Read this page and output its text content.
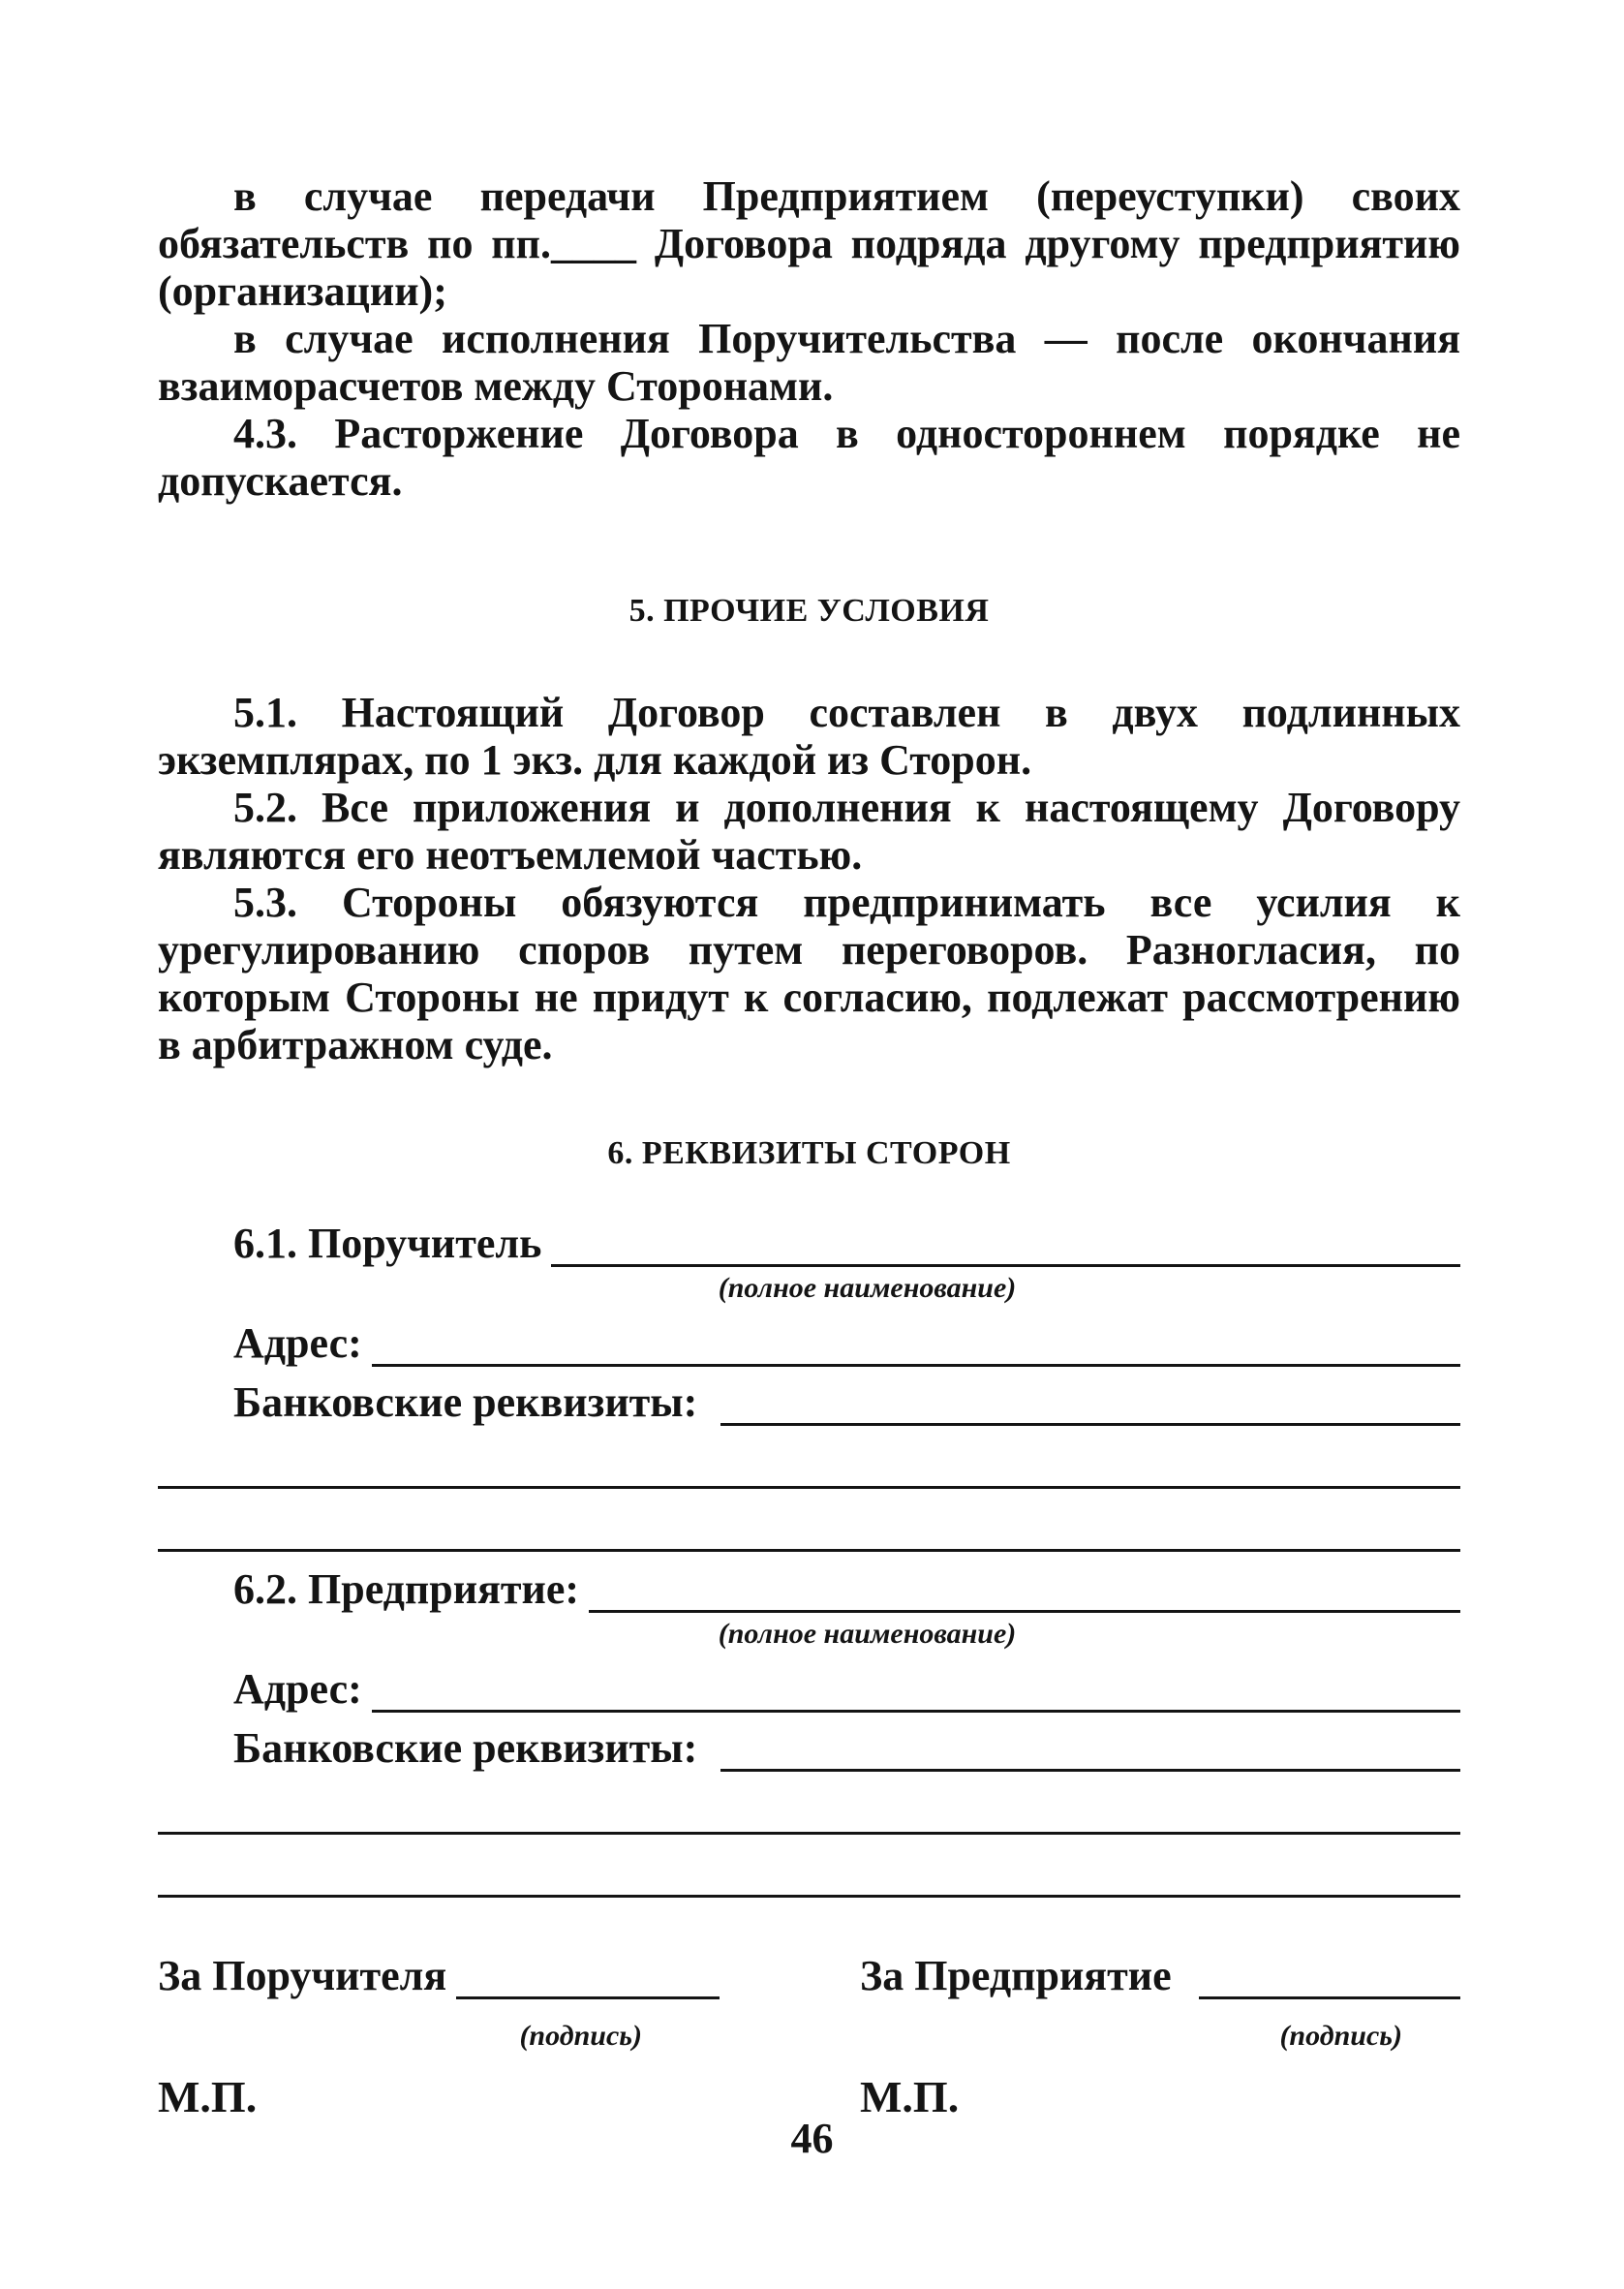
в случае передачи Предприятием (переуступки) своих обязательств по пп.____ Договора подряда другому предприятию (организации);

в случае исполнения Поручительства — после окончания взаиморасчетов между Сторонами.

4.3. Расторжение Договора в одностороннем порядке не допускается.

5. ПРОЧИЕ УСЛОВИЯ

5.1. Настоящий Договор составлен в двух подлинных экземплярах, по 1 экз. для каждой из Сторон.

5.2. Все приложения и дополнения к настоящему Договору являются его неотъемлемой частью.

5.3. Стороны обязуются предпринимать все усилия к урегулированию споров путем переговоров. Разногласия, по которым Стороны не придут к согласию, подлежат рассмотрению в арбитражном суде.

6. РЕКВИЗИТЫ СТОРОН
6.1. Поручитель
(полное наименование)
Адрес:
Банковские реквизиты:
6.2. Предприятие:
(полное наименование)
Адрес:
Банковские реквизиты:
За Поручителя
(подпись)
М.П.
За Предприятие
(подпись)
М.П.
46
